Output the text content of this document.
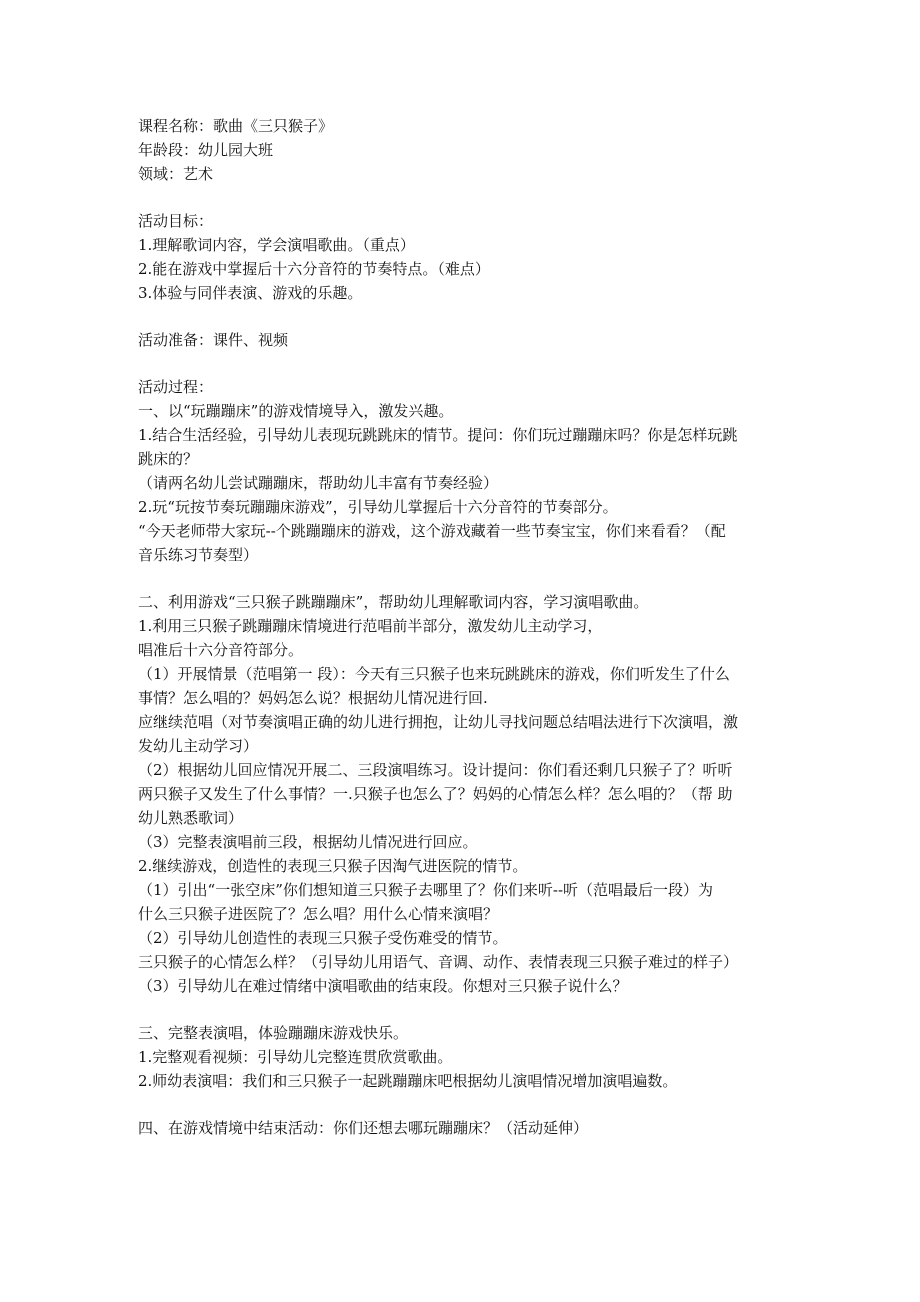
课程名称：歌曲《三只猴子》
年龄段：幼儿园大班
领域：艺术
活动目标：
1.理解歌词内容，学会演唱歌曲。（重点）
2.能在游戏中掌握后十六分音符的节奏特点。（难点）
3.体验与同伴表演、游戏的乐趣。
活动准备：课件、视频
活动过程：
一、以“玩蹦蹦床”的游戏情境导入，激发兴趣。
1.结合生活经验，引导幼儿表现玩跳跳床的情节。提问：你们玩过蹦蹦床吗？你是怎样玩跳
跳床的？
（请两名幼儿尝试蹦蹦床，帮助幼儿丰富有节奏经验）
2.玩“玩按节奏玩蹦蹦床游戏”，引导幼儿掌握后十六分音符的节奏部分。
“今天老师带大家玩--个跳蹦蹦床的游戏，这个游戏藏着一些节奏宝宝，你们来看看？（配
音乐练习节奏型）
二、利用游戏“三只猴子跳蹦蹦床”，帮助幼儿理解歌词内容，学习演唱歌曲。
1.利用三只猴子跳蹦蹦床情境进行范唱前半部分，激发幼儿主动学习，
唱准后十六分音符部分。
（1）开展情景（范唱第一 段）：今天有三只猴子也来玩跳跳床的游戏，你们听发生了什么
事情？怎么唱的？妈妈怎么说？根据幼儿情况进行回.
应继续范唱（对节奏演唱正确的幼儿进行拥抱，让幼儿寻找问题总结唱法进行下次演唱，激
发幼儿主动学习）
（2）根据幼儿回应情况开展二、三段演唱练习。设计提问：你们看还剩几只猴子了？听听
两只猴子又发生了什么事情？一.只猴子也怎么了？妈妈的心情怎么样？怎么唱的？（帮 助
幼儿熟悉歌词）
（3）完整表演唱前三段，根据幼儿情况进行回应。
2.继续游戏，创造性的表现三只猴子因淘气进医院的情节。
（1）引出“一张空床”你们想知道三只猴子去哪里了？你们来听--听（范唱最后一段）为
什么三只猴子进医院了？怎么唱？用什么心情来演唱？
（2）引导幼儿创造性的表现三只猴子受伤难受的情节。
三只猴子的心情怎么样？（引导幼儿用语气、音调、动作、表情表现三只猴子难过的样子）
（3）引导幼儿在难过情绪中演唱歌曲的结束段。你想对三只猴子说什么？
三、完整表演唱，体验蹦蹦床游戏快乐。
1.完整观看视频：引导幼儿完整连贯欣赏歌曲。
2.师幼表演唱：我们和三只猴子一起跳蹦蹦床吧根据幼儿演唱情况增加演唱遍数。
四、在游戏情境中结束活动：你们还想去哪玩蹦蹦床？（活动延伸）
